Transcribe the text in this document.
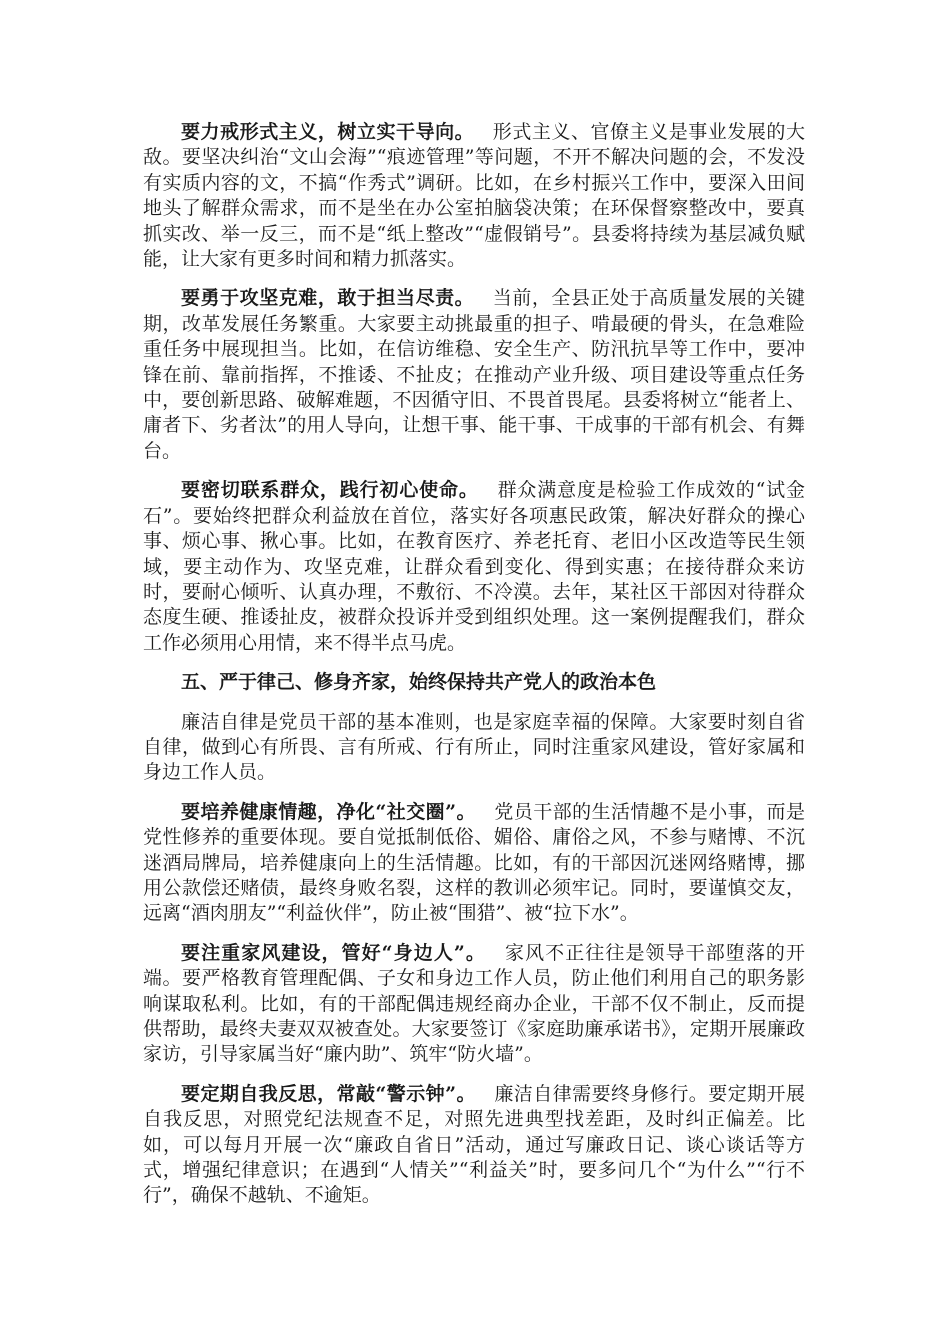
要力戒形式主义，树立实干导向。 形式主义、官僚主义是事业发展的大敌。要坚决纠治“文山会海”“痕迹管理”等问题，不开不解决问题的会，不发没有实质内容的文，不搞“作秀式”调研。比如，在乡村振兴工作中，要深入田间地头了解群众需求，而不是坐在办公室拍脑袋决策；在环保督察整改中，要真抓实改、举一反三，而不是“纸上整改”“虚假销号”。县委将持续为基层减负赋能，让大家有更多时间和精力抓落实。

要勇于攻坚克难，敢于担当尽责。 当前，全县正处于高质量发展的关键期，改革发展任务繁重。大家要主动挑最重的担子、啃最硬的骨头，在急难险重任务中展现担当。比如，在信访维稳、安全生产、防汛抗旱等工作中，要冲锋在前、靠前指挥，不推诿、不扯皮；在推动产业升级、项目建设等重点任务中，要创新思路、破解难题，不因循守旧、不畏首畏尾。县委将树立“能者上、庸者下、劣者汰”的用人导向，让想干事、能干事、干成事的干部有机会、有舞台。

要密切联系群众，践行初心使命。 群众满意度是检验工作成效的“试金石”。要始终把群众利益放在首位，落实好各项惠民政策，解决好群众的操心事、烦心事、揪心事。比如，在教育医疗、养老托育、老旧小区改造等民生领域，要主动作为、攻坚克难，让群众看到变化、得到实惠；在接待群众来访时，要耐心倾听、认真办理，不敷衍、不冷漠。去年，某社区干部因对待群众态度生硬、推诿扯皮，被群众投诉并受到组织处理。这一案例提醒我们，群众工作必须用心用情，来不得半点马虎。

五、严于律己、修身齐家，始终保持共产党人的政治本色

廉洁自律是党员干部的基本准则，也是家庭幸福的保障。大家要时刻自省自律，做到心有所畏、言有所戒、行有所止，同时注重家风建设，管好家属和身边工作人员。

要培养健康情趣，净化“社交圈”。 党员干部的生活情趣不是小事，而是党性修养的重要体现。要自觉抵制低俗、媚俗、庸俗之风，不参与赌博、不沉迷酒局牌局，培养健康向上的生活情趣。比如，有的干部因沉迷网络赌博，挪用公款偿还赌债，最终身败名裂，这样的教训必须牢记。同时，要谨慎交友，远离“酒肉朋友”“利益伙伴”，防止被“围猎”、被“拉下水”。

要注重家风建设，管好“身边人”。 家风不正往往是领导干部堕落的开端。要严格教育管理配偶、子女和身边工作人员，防止他们利用自己的职务影响谋取私利。比如，有的干部配偶违规经商办企业，干部不仅不制止，反而提供帮助，最终夫妻双双被查处。大家要签订《家庭助廉承诺书》，定期开展廉政家访，引导家属当好“廉内助”、筑牢“防火墙”。

要定期自我反思，常敲“警示钟”。 廉洁自律需要终身修行。要定期开展自我反思，对照党纪法规查不足，对照先进典型找差距，及时纠正偏差。比如，可以每月开展一次“廉政自省日”活动，通过写廉政日记、谈心谈话等方式，增强纪律意识；在遇到“人情关”“利益关”时，要多问几个“为什么”“行不行”，确保不越轨、不逾矩。
